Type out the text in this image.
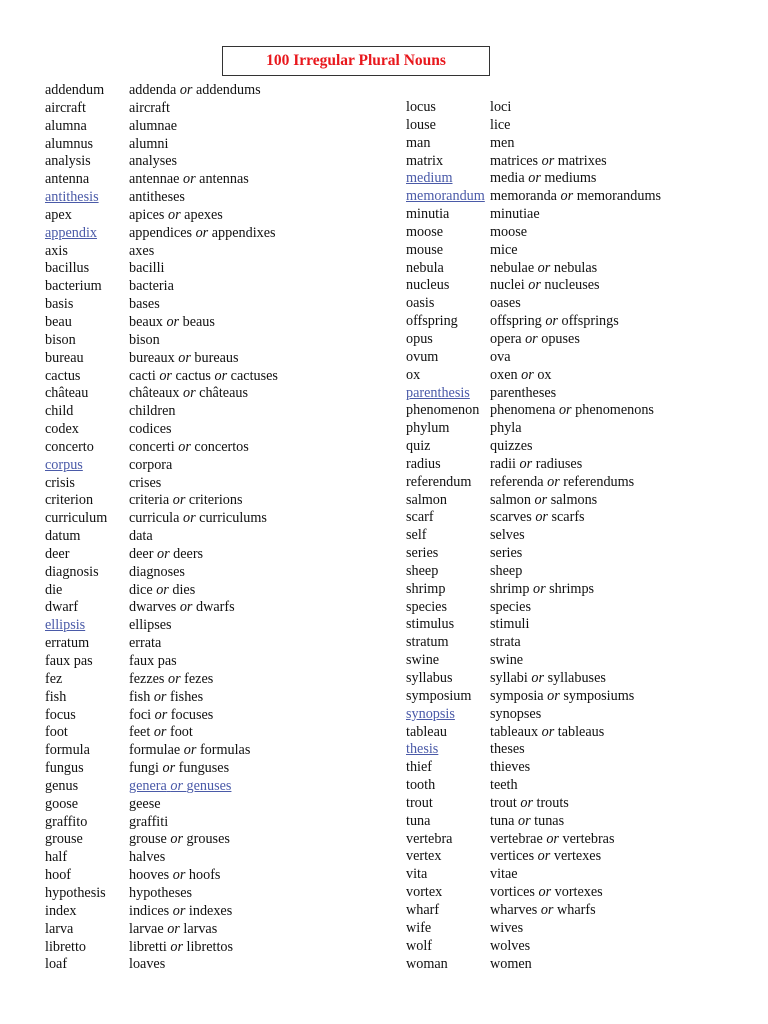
100 Irregular Plural Nouns
addendum addenda or addendums
aircraft	aircraft
alumna	alumnae
alumnus	alumni
analysis	analyses
antenna	antennae or antennas
antithesis antitheses
apex	apices or apexes
appendix appendices or appendixes
axis	axes
bacillus	bacilli
bacterium bacteria
basis	bases
beau	beaux or beaus
bison	bison
bureau	bureaux or bureaus
cactus	cacti or cactus or cactuses
château	châteaux or châteaus
child	children
codex	codices
concerto concerti or concertos
corpus	corpora
crisis	crises
criterion	criteria or criterions
curriculum curricula or curriculums
datum	data
deer	deer or deers
diagnosis diagnoses
die	dice or dies
dwarf	dwarves or dwarfs
ellipsis	ellipses
erratum	errata
faux pas	faux pas
fez	fezzes or fezes
fish	fish or fishes
focus	foci or focuses
foot	feet or foot
formula	formulae or formulas
fungus	fungi or funguses
genus	genera or genuses
goose	geese
graffito	graffiti
grouse	grouse or grouses
half	halves
hoof	hooves or hoofs
hypothesis hypotheses
index	indices or indexes
larva	larvae or larvas
libretto	libretti or librettos
loaf	loaves
locus	loci
louse	lice
man	men
matrix	matrices or matrixes
medium	media or mediums
memorandum memoranda or memorandums
minutia	minutiae
moose	moose
mouse	mice
nebula	nebulae or nebulas
nucleus	nuclei or nucleuses
oasis	oases
offspring offspring or offsprings
opus	opera or opuses
ovum	ova
ox	oxen or ox
parenthesis parentheses
phenomenon phenomena or phenomenons
phylum	phyla
quiz	quizzes
radius	radii or radiuses
referendum referenda or referendums
salmon	salmon or salmons
scarf	scarves or scarfs
self	selves
series	series
sheep	sheep
shrimp	shrimp or shrimps
species	species
stimulus	stimuli
stratum	strata
swine	swine
syllabus	syllabi or syllabuses
symposium symposia or symposiums
synopsis synopses
tableau	tableaux or tableaus
thesis	theses
thief	thieves
tooth	teeth
trout	trout or trouts
tuna	tuna or tunas
vertebra	vertebrae or vertebras
vertex	vertices or vertexes
vita	vitae
vortex	vortices or vortexes
wharf	wharves or wharfs
wife	wives
wolf	wolves
woman	women
